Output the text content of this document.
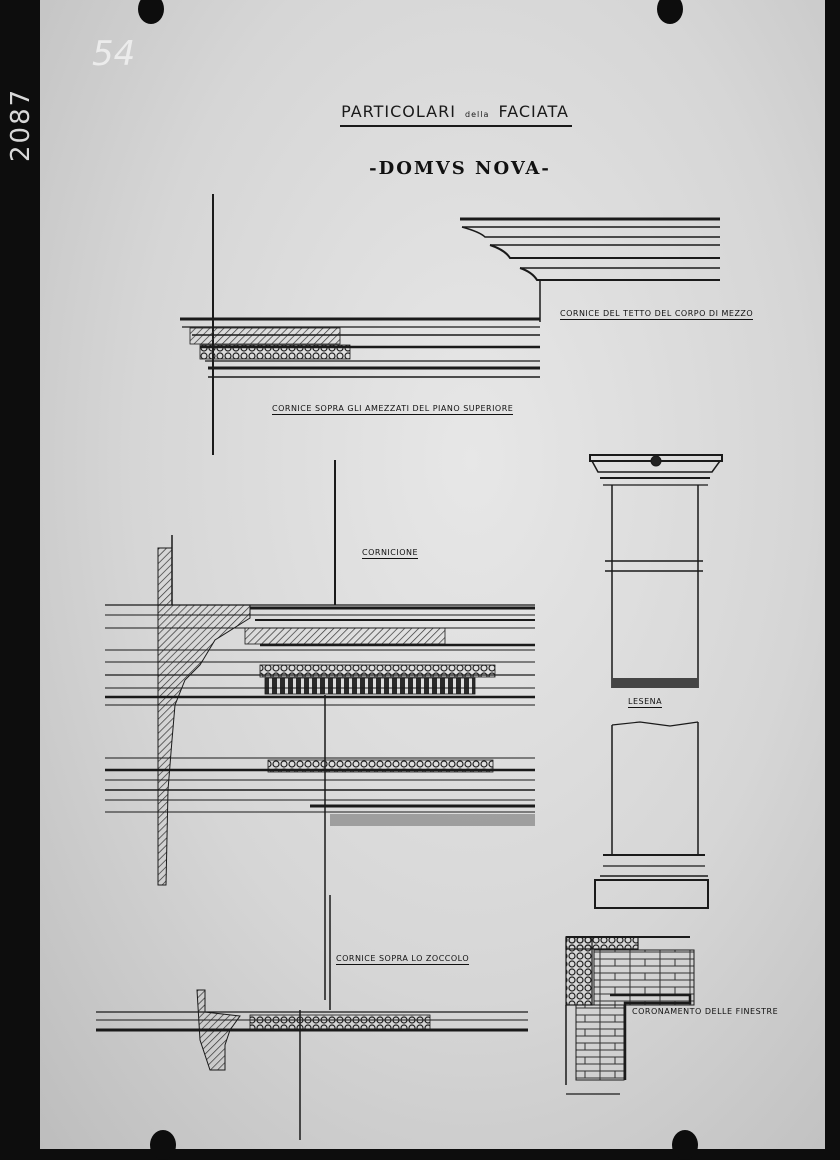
2087
54
PARTICOLARI della FACIATA
-DOMVS NOVA-
CORNICE DEL TETTO DEL CORPO DI MEZZO
CORNICE SOPRA GLI AMEZZATI DEL PIANO SUPERIORE
CORNICIONE
LESENA
CORNICE SOPRA LO ZOCCOLO
CORONAMENTO DELLE FINESTRE
